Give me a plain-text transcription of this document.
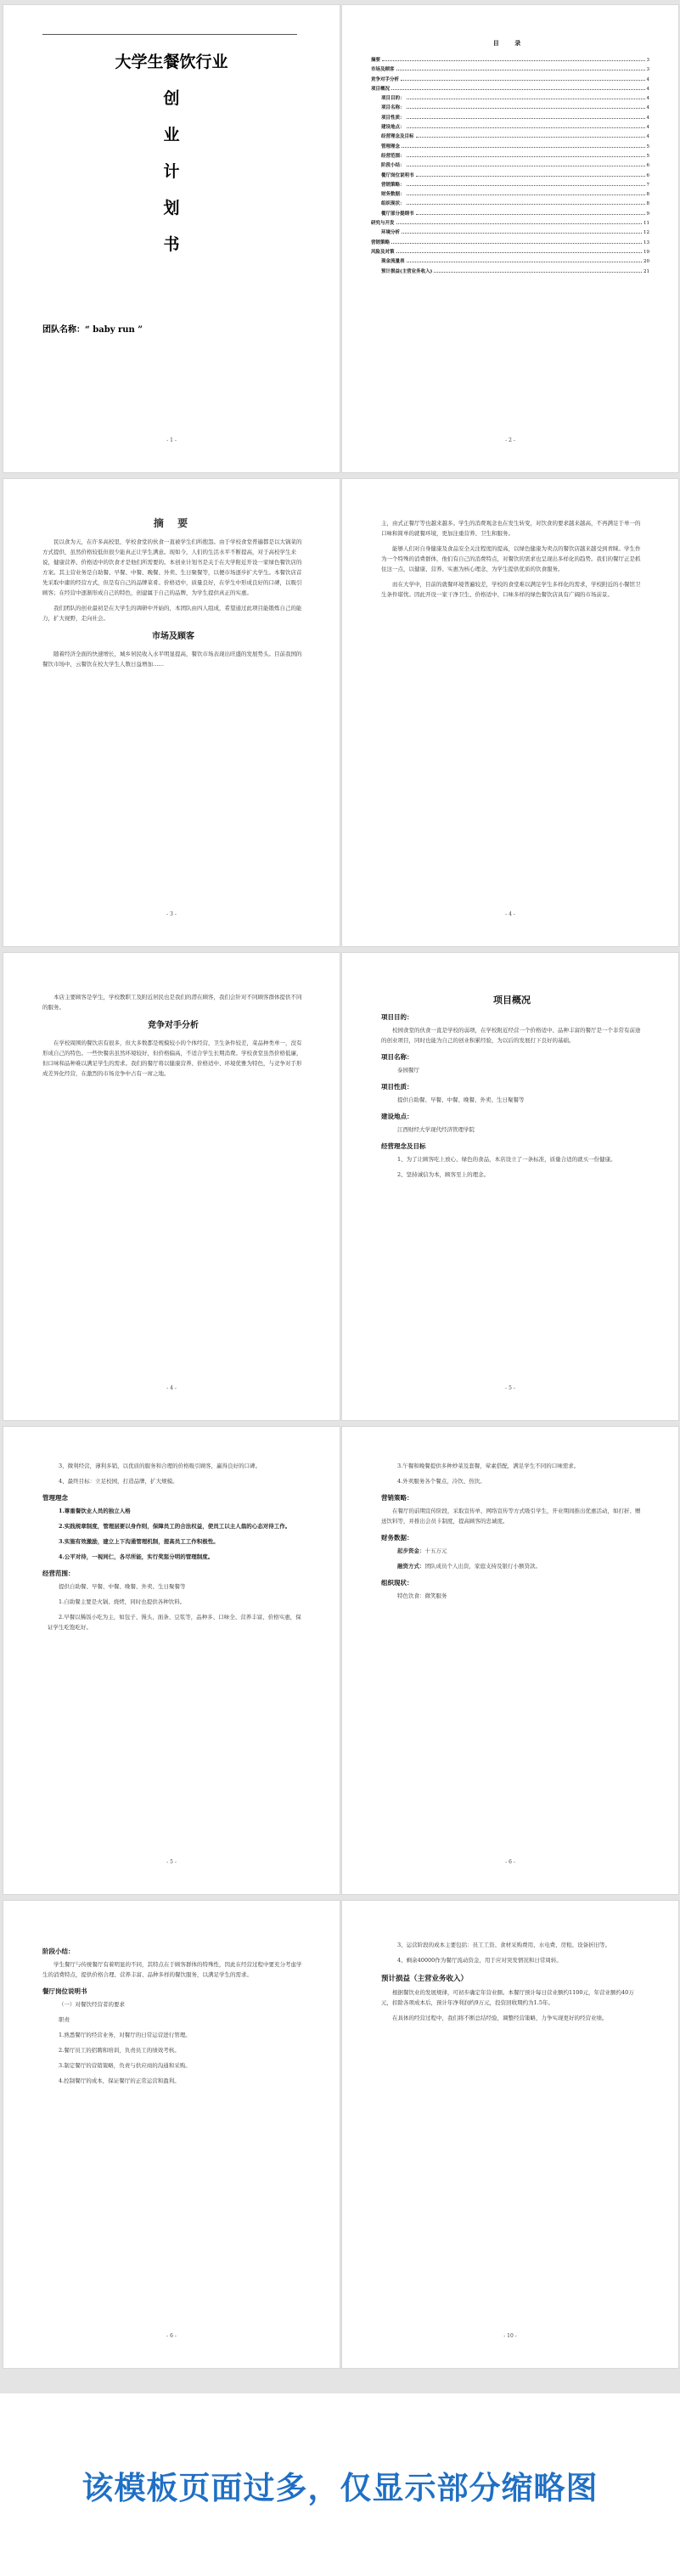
大学生餐饮行业
创
业
计
划
书
团队名称：“ baby run ”
- 1 -
目 录
摘要	3
市场及顾客	3
竞争对手分析	4
项目概况	4
项目目的：	4
项目名称：	4
项目性质：	4
建设地点：	4
经营理念及目标	4
管理理念	5
经营范围：	5
阶段小结：	6
餐厅岗位说明书	6
营销策略：	7
财务数据：	8
组织现状：	8
餐厅部分提纲书	9
研究与开发	11
环境分析	12
营销策略	13
风险及对策	19
现金流量表	20
预计损益(主营业务收入)	21
- 2 -
摘 要

民以食为天，在许多高校里，学校食堂的伙食一直被学生们所抱怨。由于学校食堂普遍都是以大锅菜的方式提供，虽然价格较低但很少能真正让学生满意。现如今，人们的生活水平不断提高，对于高校学生来说，健康营养、价格适中的饮食才是他们所需要的。本创业计划书是关于在大学附近开设一家绿色餐饮店的方案。其主营业务是自助餐、早餐、中餐、晚餐、外卖、生日聚餐等，以便市场逐步扩大学生。本餐饮店首先采取中庸的经营方式，但是有自己的品牌菜肴。价格适中，质量良好，在学生中形成良好的口碑，以吸引顾客；在经营中逐渐形成自己的特色，创建属于自己的品牌，为学生提供真正的实惠。

我们团队的创业最初是在大学生的调研中开始的，本团队由四人组成，希望通过此项目能锻炼自己的能力，扩大视野，走向社会。

市场及顾客

随着经济全面的快速增长，城乡居民收入水平明显提高，餐饮市场表现出旺盛的发展势头。目前我国的餐饮市场中，云餐饮在校大学生人数日益增加……

- 3 -

主，由式正餐厅等也越来越多。学生的消费观念也在发生转变，对饮食的要求越来越高，不再满足于单一的口味和简单的就餐环境，更加注重营养、卫生和服务。

能够人们对自身健康及食品安全关注程度的提高，以绿色健康为卖点的餐饮店越来越受到青睐。学生作为一个特殊的消费群体，他们有自己的消费特点，对餐饮的需求也呈现出多样化的趋势。我们的餐厅正是抓住这一点，以健康、营养、实惠为核心理念，为学生提供优质的饮食服务。

而在大学中，目前的就餐环境普遍较差，学校的食堂难以满足学生多样化的需求，学校附近的小餐馆卫生条件堪忧。因此开设一家干净卫生、价格适中、口味多样的绿色餐饮店具有广阔的市场前景。

- 4 -

本店主要顾客是学生，学校教职工及附近居民也是我们的潜在顾客，我们会针对不同顾客群体提供不同的服务。

竞争对手分析

在学校周围的餐饮店有很多，但大多数都是规模较小的个体经营，卫生条件较差，菜品种类单一，没有形成自己的特色。一些快餐店虽然环境较好，但价格偏高，不适合学生长期消费。学校食堂虽然价格低廉，但口味和品种难以满足学生的需求。我们的餐厅将以健康营养、价格适中、环境优雅为特色，与竞争对手形成差异化经营，在激烈的市场竞争中占有一席之地。

- 4 -
项目概况
项目目的：

校园食堂的伙食一直是学校的弱项，在学校附近经营一个价格适中、品种丰富的餐厅是一个非常有前途的创业项目，同时也能为自己的创业积累经验，为以后的发展打下良好的基础。

项目名称：

泰园餐厅

项目性质：

提供自助餐、早餐、中餐、晚餐、外卖、生日聚餐等

建设地点：

江西财经大学现代经济管理学院

经营理念及目标

1、为了让顾客吃上放心、绿色的食品，本店设立了一条标准，质量合适的就买一份健康。

2、坚持诚信为本，顾客至上的理念。

- 5 -

3、微利经营，薄利多销，以优质的服务和合理的价格吸引顾客，赢得良好的口碑。

4、最终目标：立足校园，打造品牌，扩大规模。

管理理念

1.尊重餐饮业人员的独立人格

2.实践规章制度，管理层要以身作则，保障员工的合法权益，使员工以主人翁的心态对待工作。

3.实施有效激励，建立上下沟通管理机制，提高员工工作积极性。

4.公平对待，一视同仁，各尽所能，实行奖惩分明的管理制度。

经营范围：

提供自助餐、早餐、中餐、晚餐、外卖、生日聚餐等

1.自助餐主要是火锅、烧烤，同时也提供各种饮料。

2.早餐以稀饭小吃为主，如包子、馒头、面条、豆浆等，品种多、口味全、营养丰富、价格实惠，保证学生吃饱吃好。

- 5 -

3.午餐和晚餐提供多种炒菜及套餐，荤素搭配，满足学生不同的口味需求。

4.外卖服务各个餐点，冷饮、热饮。

营销策略：

在餐厅的前期宣传阶段，采取宣传单、网络宣传等方式吸引学生，开业期间推出优惠活动，如打折、赠送饮料等，并推出会员卡制度，提高顾客的忠诚度。

财务数据：

起步资金：十五万元

融资方式：团队成员个人出资，家庭支持及银行小额贷款。

组织现状：

特色饮食：微笑服务

- 6 -
阶段小结：

学生餐厅与传统餐厅有着明显的不同，其特点在于顾客群体的特殊性，因此在经营过程中要充分考虑学生的消费特点，提供价格合理、营养丰富、品种多样的餐饮服务，以满足学生的需求。

餐厅岗位说明书

（一）对餐饮经营者的要求

职责

1.熟悉餐厅的经营业务，对餐厅的日常运营进行管理。

2.餐厅员工的招聘和培训，负责员工的绩效考核。

3.制定餐厅的营销策略，负责与供应商的沟通和采购。

4.控制餐厅的成本，保证餐厅的正常运营和盈利。

- 6 -

3、运营阶段的成本主要包括：员工工资、食材采购费用、水电费、房租、设备折旧等。

4、剩余40000作为餐厅流动资金，用于应对突发情况和日常周转。

预计损益（主营业务收入）

根据餐饮业的发展规律，可初步确定年营业额。本餐厅预计每日营业额约1100元，年营业额约40万元，扣除各项成本后，预计年净利润约9万元，投资回收期约为1.5年。

在具体的经营过程中，我们将不断总结经验，调整经营策略，力争实现更好的经营业绩。

- 10 -
该模板页面过多，仅显示部分缩略图
